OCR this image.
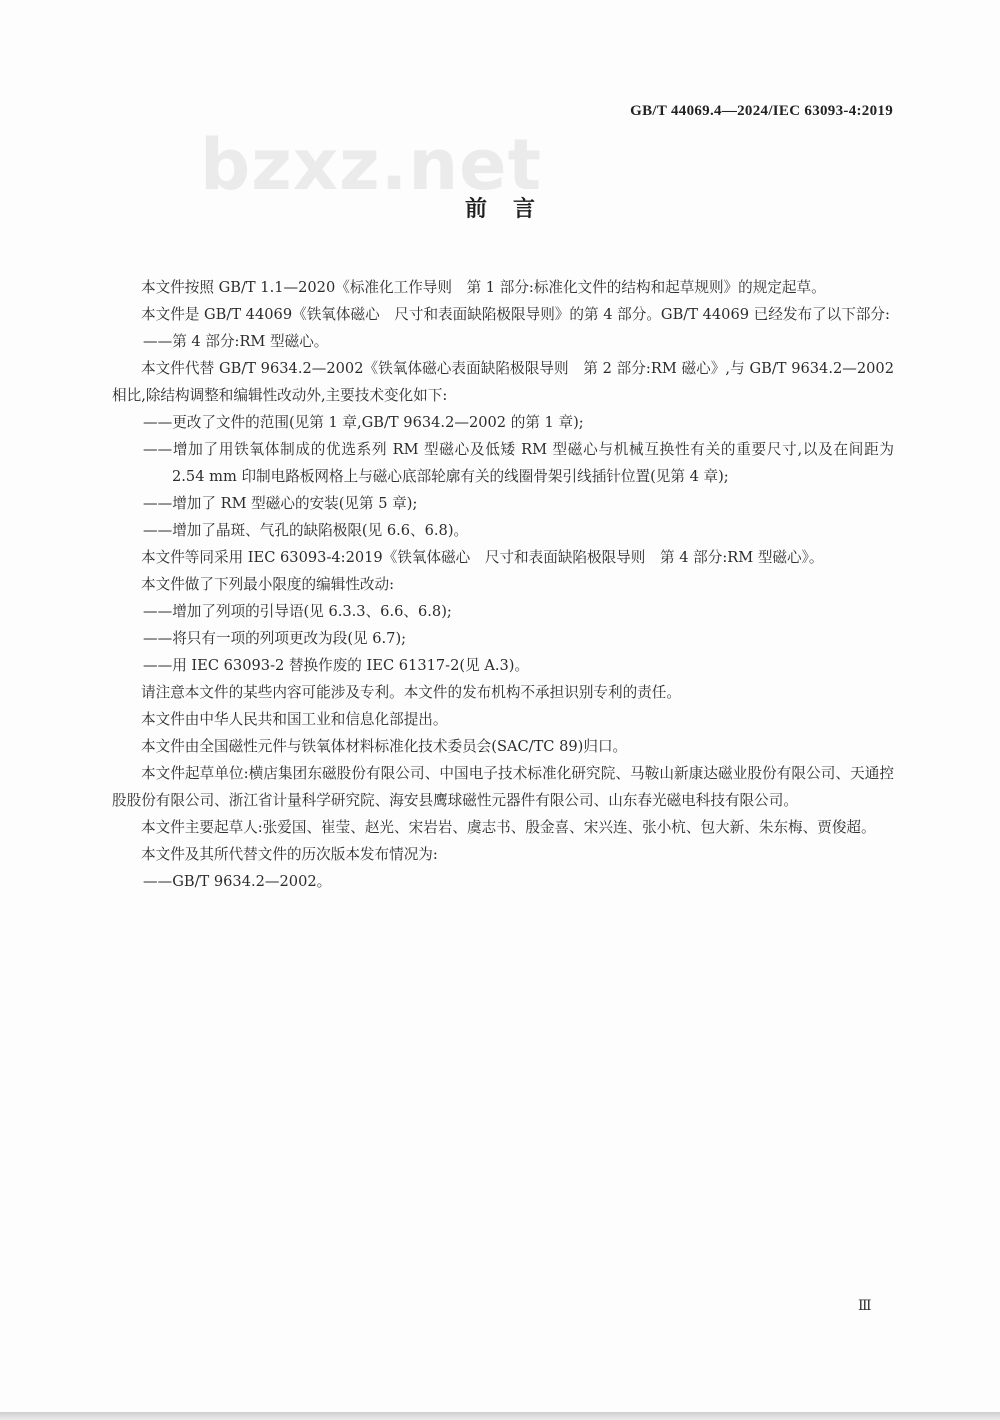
GB/T 44069.4—2024/IEC 63093-4:2019
bzxz.net
前言

本文件按照 GB/T 1.1—2020《标准化工作导则　第 1 部分:标准化文件的结构和起草规则》的规定起草。

本文件是 GB/T 44069《铁氧体磁心　尺寸和表面缺陷极限导则》的第 4 部分。GB/T 44069 已经发布了以下部分:

——第 4 部分:RM 型磁心。

本文件代替 GB/T 9634.2—2002《铁氧体磁心表面缺陷极限导则　第 2 部分:RM 磁心》,与 GB/T 9634.2—2002 相比,除结构调整和编辑性改动外,主要技术变化如下:

——更改了文件的范围(见第 1 章,GB/T 9634.2—2002 的第 1 章);

——增加了用铁氧体制成的优选系列 RM 型磁心及低矮 RM 型磁心与机械互换性有关的重要尺寸,以及在间距为 2.54 mm 印制电路板网格上与磁心底部轮廓有关的线圈骨架引线插针位置(见第 4 章);

——增加了 RM 型磁心的安装(见第 5 章);

——增加了晶斑、气孔的缺陷极限(见 6.6、6.8)。

本文件等同采用 IEC 63093-4:2019《铁氧体磁心　尺寸和表面缺陷极限导则　第 4 部分:RM 型磁心》。

本文件做了下列最小限度的编辑性改动:

——增加了列项的引导语(见 6.3.3、6.6、6.8);

——将只有一项的列项更改为段(见 6.7);

——用 IEC 63093-2 替换作废的 IEC 61317-2(见 A.3)。

请注意本文件的某些内容可能涉及专利。本文件的发布机构不承担识别专利的责任。

本文件由中华人民共和国工业和信息化部提出。

本文件由全国磁性元件与铁氧体材料标准化技术委员会(SAC/TC 89)归口。

本文件起草单位:横店集团东磁股份有限公司、中国电子技术标准化研究院、马鞍山新康达磁业股份有限公司、天通控股股份有限公司、浙江省计量科学研究院、海安县鹰球磁性元器件有限公司、山东春光磁电科技有限公司。

本文件主要起草人:张爱国、崔莹、赵光、宋岩岩、虞志书、殷金喜、宋兴连、张小杭、包大新、朱东梅、贾俊超。

本文件及其所代替文件的历次版本发布情况为:

——GB/T 9634.2—2002。

Ⅲ
